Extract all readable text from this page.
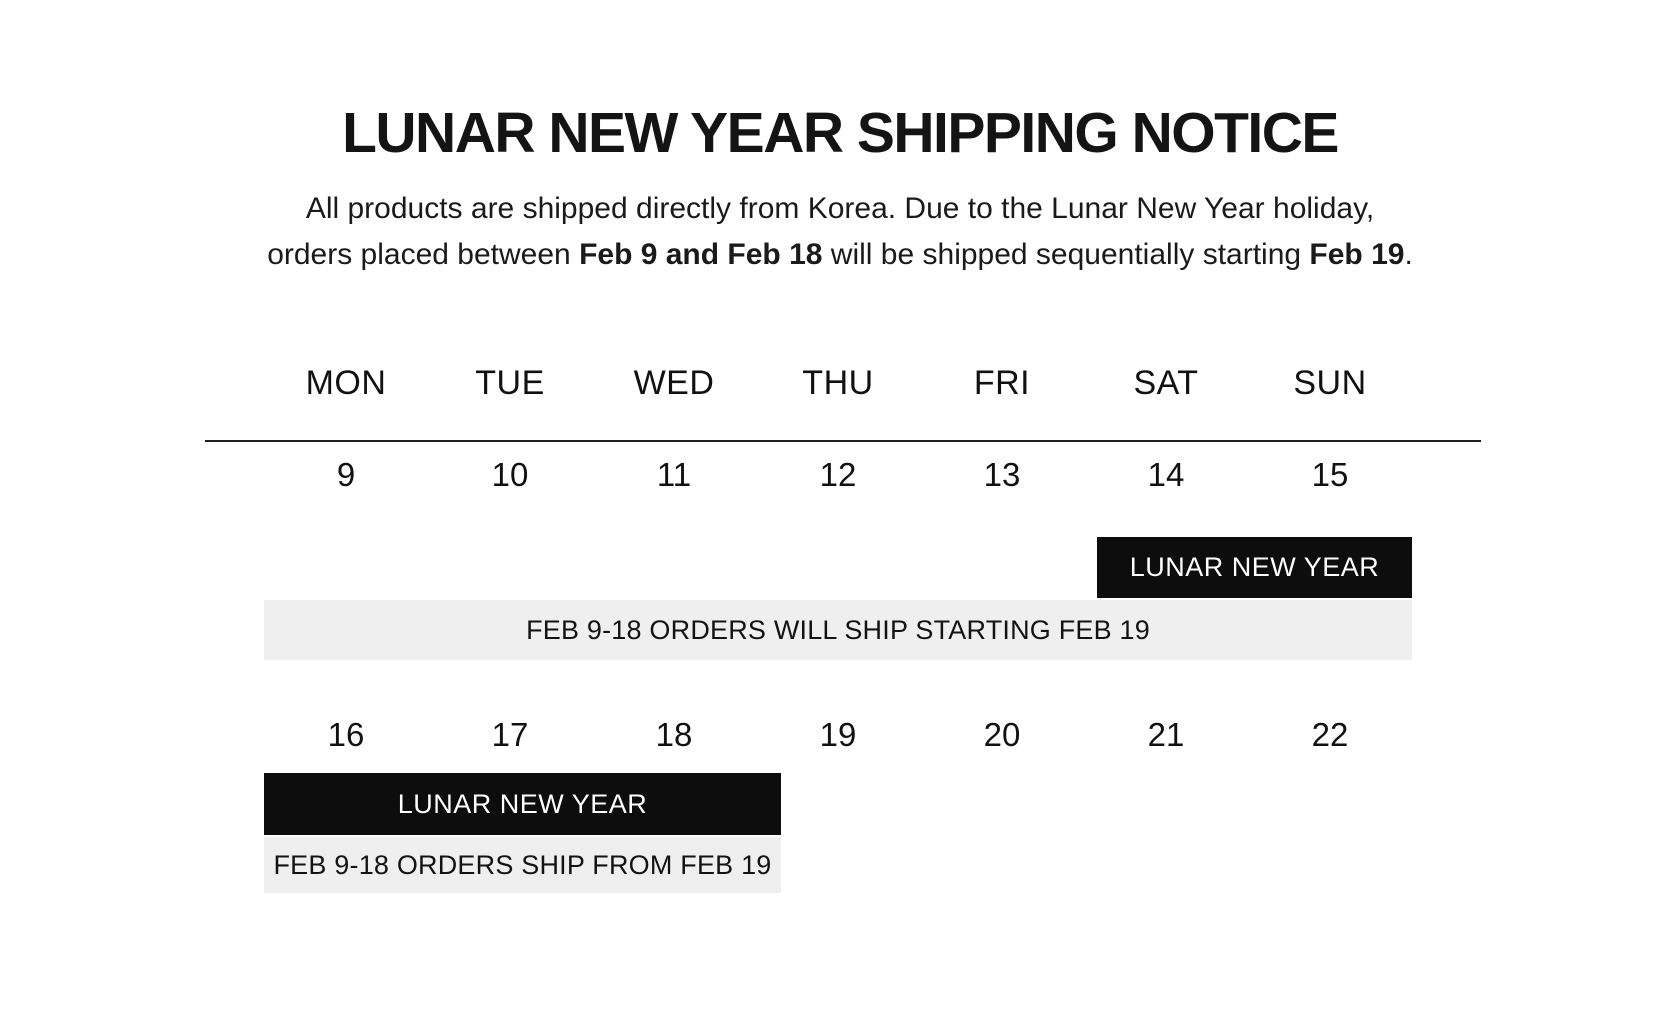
LUNAR NEW YEAR SHIPPING NOTICE
All products are shipped directly from Korea. Due to the Lunar New Year holiday,
orders placed between Feb 9 and Feb 18 will be shipped sequentially starting Feb 19.
MON	TUE	WED	THU	FRI	SAT	SUN
9	10	11	12	13	14	15
LUNAR NEW YEAR
FEB 9-18 ORDERS WILL SHIP STARTING FEB 19
16	17	18	19	20	21	22
LUNAR NEW YEAR
FEB 9-18 ORDERS SHIP FROM FEB 19
